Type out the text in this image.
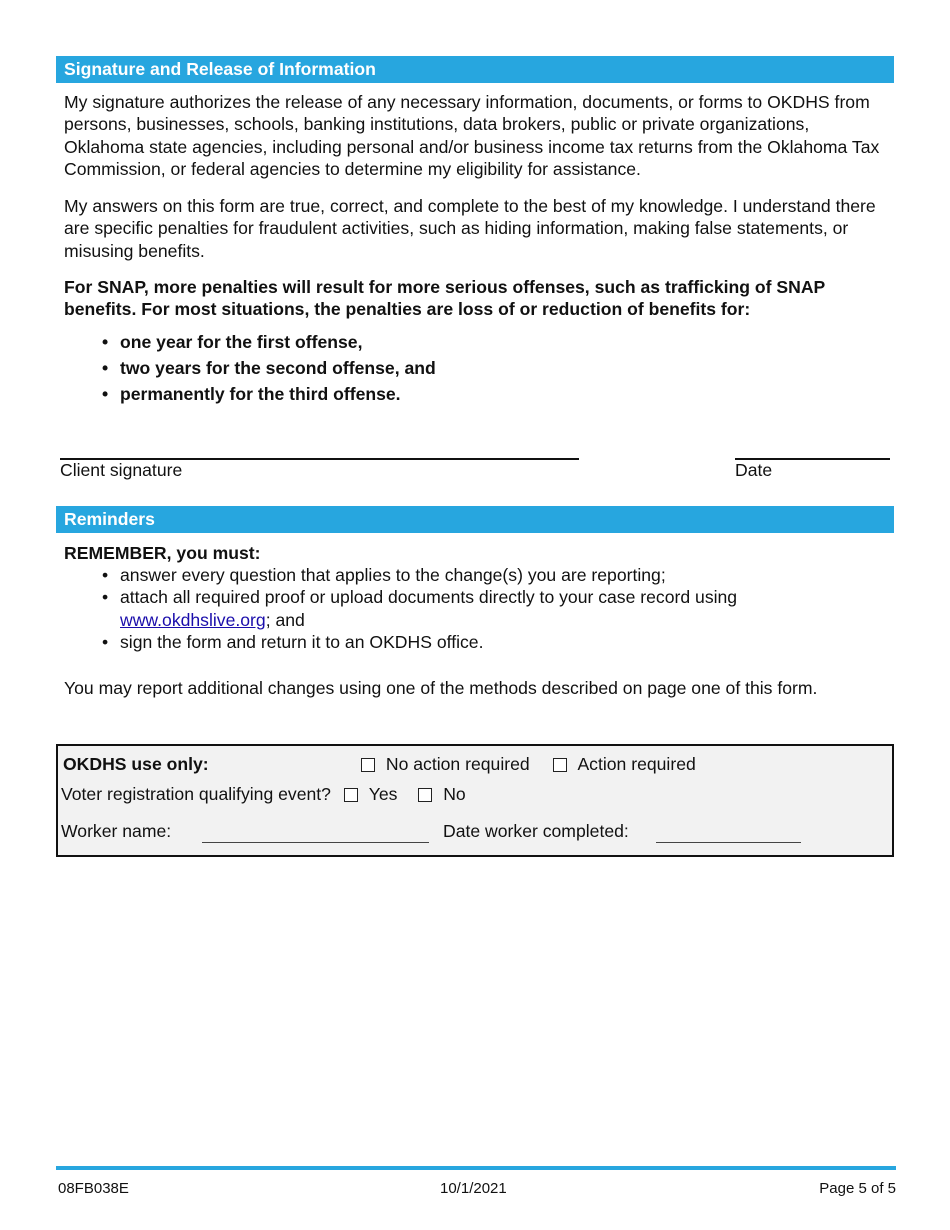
Signature and Release of Information

My signature authorizes the release of any necessary information, documents, or forms to OKDHS from persons, businesses, schools, banking institutions, data brokers, public or private organizations, Oklahoma state agencies, including personal and/or business income tax returns from the Oklahoma Tax Commission, or federal agencies to determine my eligibility for assistance.

My answers on this form are true, correct, and complete to the best of my knowledge. I understand there are specific penalties for fraudulent activities, such as hiding information, making false statements, or misusing benefits.

For SNAP, more penalties will result for more serious offenses, such as trafficking of SNAP benefits. For most situations, the penalties are loss of or reduction of benefits for:

• one year for the first offense,
• two years for the second offense, and
• permanently for the third offense.
Client signature	Date
Reminders
REMEMBER, you must:
• answer every question that applies to the change(s) you are reporting;
• attach all required proof or upload documents directly to your case record using www.okdhslive.org; and
• sign the form and return it to an OKDHS office.

You may report additional changes using one of the methods described on page one of this form.

OKDHS use only:	No action required	Action required
Voter registration qualifying event? Yes	No
Worker name:	Date worker completed:
08FB038E	10/1/2021	Page 5 of 5
